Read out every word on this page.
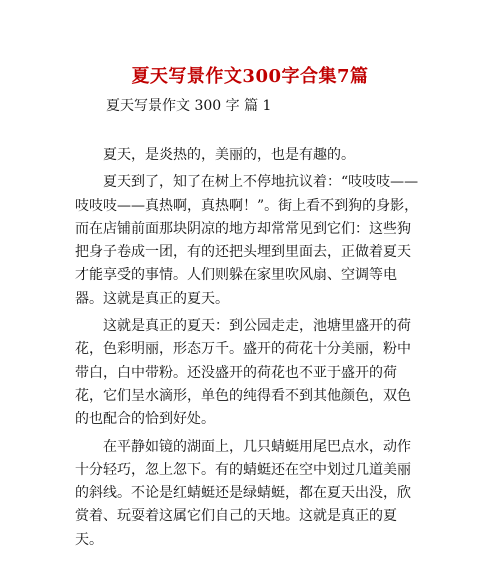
夏天写景作文300字合集7篇
夏天写景作文 300 字 篇 1

夏天，是炎热的，美丽的，也是有趣的。

夏天到了，知了在树上不停地抗议着：“吱吱吱——吱吱吱——真热啊，真热啊！”。街上看不到狗的身影，而在店铺前面那块阴凉的地方却常常见到它们：这些狗把身子卷成一团，有的还把头埋到里面去，正做着夏天才能享受的事情。人们则躲在家里吹风扇、空调等电器。这就是真正的夏天。

这就是真正的夏天：到公园走走，池塘里盛开的荷花，色彩明丽，形态万千。盛开的荷花十分美丽，粉中带白，白中带粉。还没盛开的荷花也不亚于盛开的荷花，它们呈水滴形，单色的纯得看不到其他颜色，双色的也配合的恰到好处。

在平静如镜的湖面上，几只蜻蜓用尾巴点水，动作十分轻巧，忽上忽下。有的蜻蜓还在空中划过几道美丽的斜线。不论是红蜻蜓还是绿蜻蜓，都在夏天出没，欣赏着、玩耍着这属它们自己的天地。这就是真正的夏天。
